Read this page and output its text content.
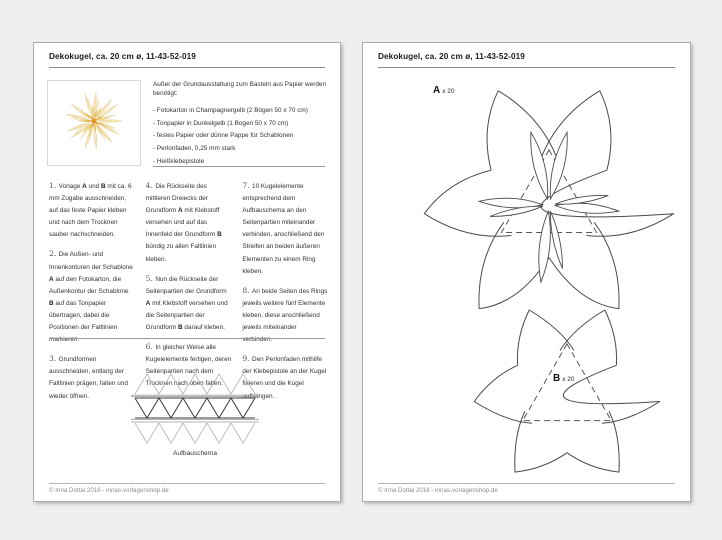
Dekokugel, ca. 20 cm ø, 11-43-52-019
Außer der Grundausstattung zum Basteln aus Papier werden benötigt:
- Fotokarton in Champagnergelb (2 Bögen 50 x 70 cm)
- Tonpapier in Dunkelgelb (1 Bogen 50 x 70 cm)
- festes Papier oder dünne Pappe für Schablonen
- Perlonfaden, 0,25 mm stark
- Heißklebepistole

1. Vorlage A und B mit ca. 6 mm Zugabe ausschneiden, auf das feste Papier kleben und nach dem Trocknen sauber nachschneiden.

2. Die Außen- und Innenkonturen der Schablone A auf den Fotokarton, die Außenkontur der Schablone B auf das Tonpapier übertragen, dabei die Positionen der Faltlinien markieren.

3. Grundformen ausschneiden, entlang der Faltlinien prägen, falten und wieder öffnen.

4. Die Rückseite des mittleren Dreiecks der Grundform A mit Klebstoff versehen und auf das Innenfeld der Grundform B bündig zu allen Faltlinien kleben.

5. Nun die Rückseite der Seitenpartien der Grundform A mit Klebstoff versehen und die Seitenpartien der Grundform B darauf kleben.

6. In gleicher Weise alle Kugelelemente fertigen, deren Seitenpartien nach dem Trocknen nach oben falten.

7. 10 Kugelelemente entsprechend dem Aufbauschema an den Seitenpartien miteinander verbinden, anschließend den Streifen an beiden äußeren Elementen zu einem Ring kleben.

8. An beide Seiten des Rings jeweils weitere fünf Elemente kleben, diese anschließend jeweils miteinander verbinden.

9. Den Perlonfaden mithilfe der Klebepistole an der Kugel fixieren und die Kugel aufhängen.

Aufbauschema
© Inna Dottai 2016 - innas-vorlagenshop.de
Dekokugel, ca. 20 cm ø, 11-43-52-019
Ax 20
Bx 20
© Inna Dottai 2016 - innas-vorlagenshop.de
